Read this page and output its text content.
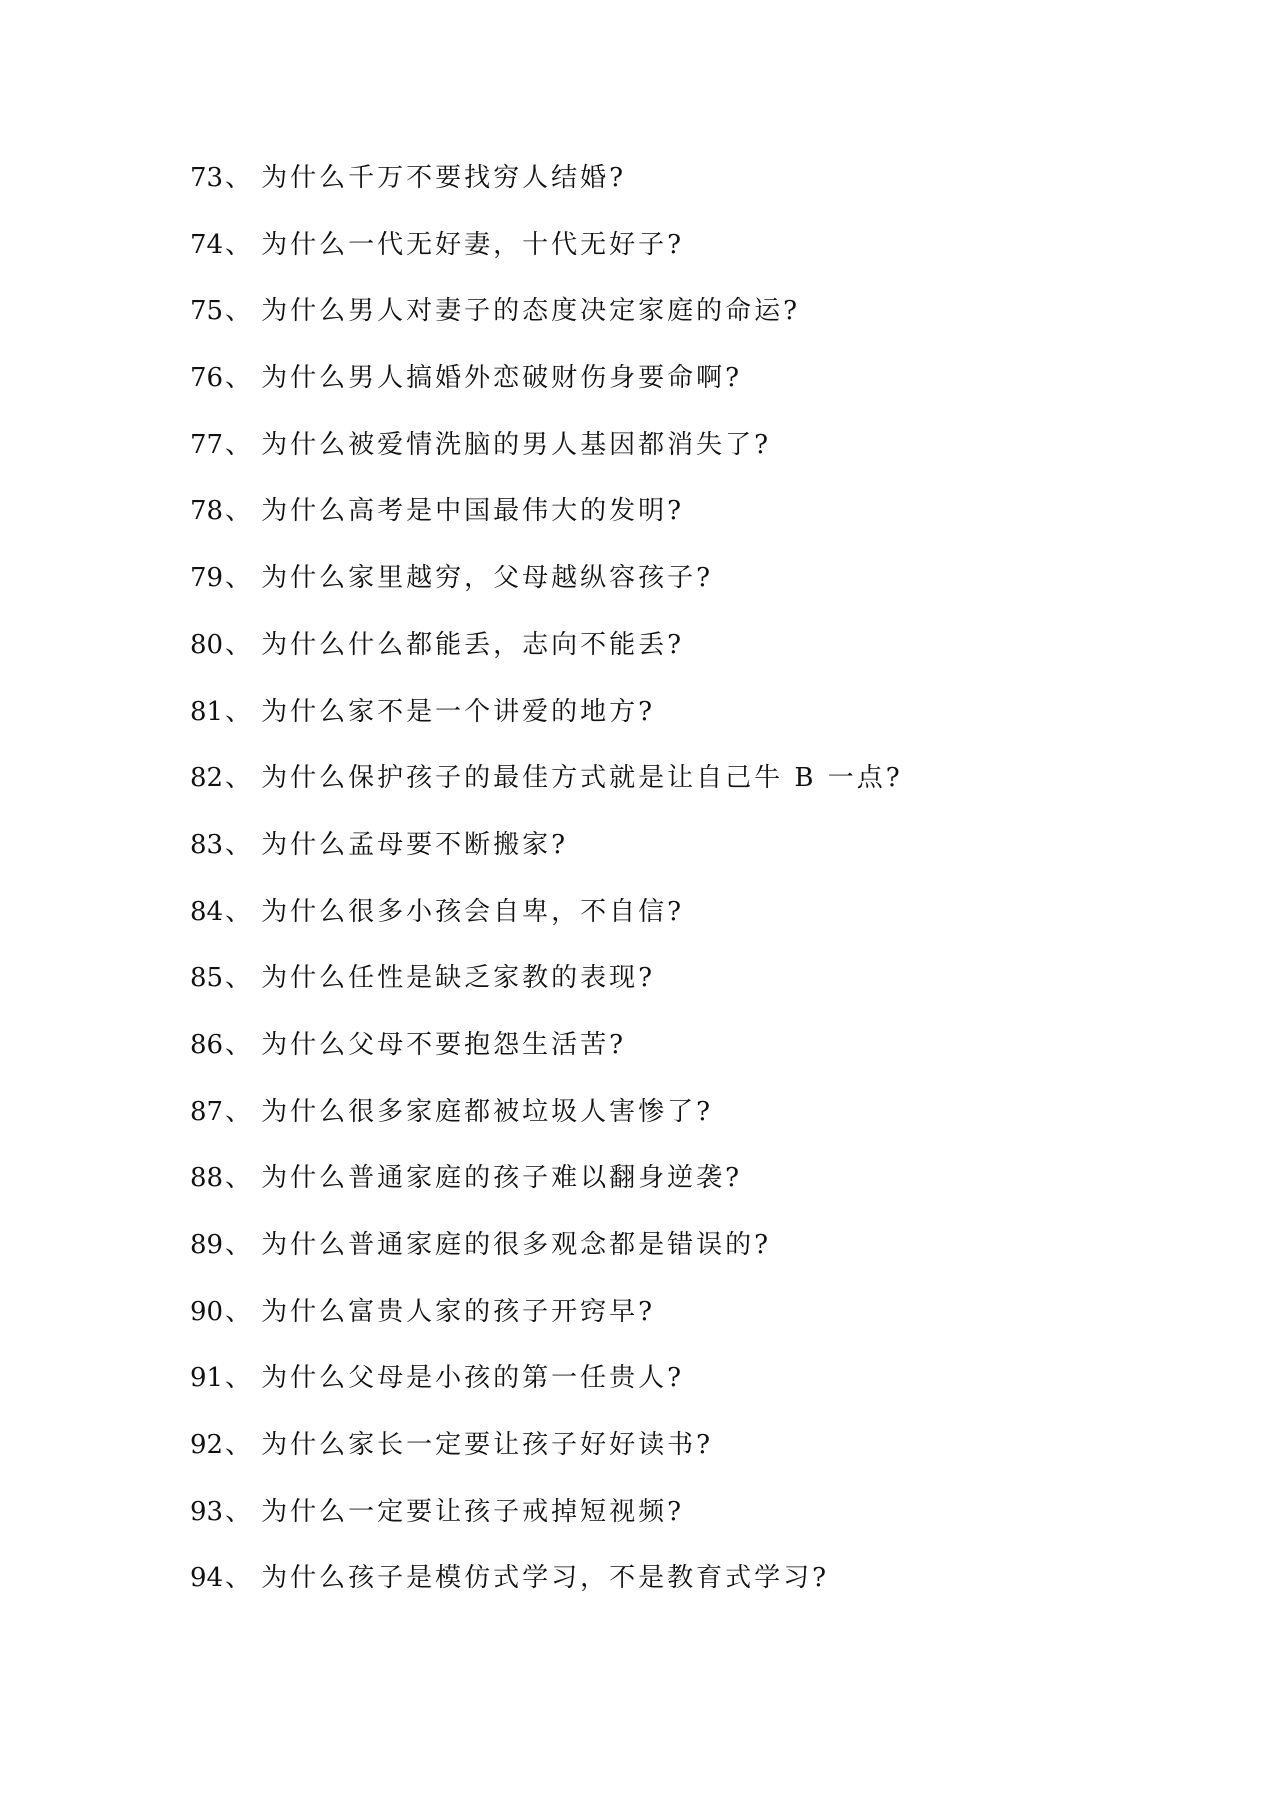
73 、 为什么千万不要找穷人结婚?
74 、 为什么一代无好妻，十代无好子?
75 、 为什么男人对妻子的态度决定家庭的命运?
76 、 为什么男人搞婚外恋破财伤身要命啊?
77 、 为什么被爱情洗脑的男人基因都消失了?
78 、 为什么高考是中国最伟大的发明?
79 、 为什么家里越穷，父母越纵容孩子?
80 、 为什么什么都能丢，志向不能丢?
81 、 为什么家不是一个讲爱的地方?
82 、 为什么保护孩子的最佳方式就是让自己牛 B 一点?
83 、 为什么孟母要不断搬家?
84 、 为什么很多小孩会自卑，不自信?
85 、 为什么任性是缺乏家教的表现?
86 、 为什么父母不要抱怨生活苦?
87 、 为什么很多家庭都被垃圾人害惨了?
88 、 为什么普通家庭的孩子难以翻身逆袭?
89 、 为什么普通家庭的很多观念都是错误的?
90 、 为什么富贵人家的孩子开窍早?
91 、 为什么父母是小孩的第一任贵人?
92 、 为什么家长一定要让孩子好好读书?
93 、 为什么一定要让孩子戒掉短视频?
94 、 为什么孩子是模仿式学习，不是教育式学习?
